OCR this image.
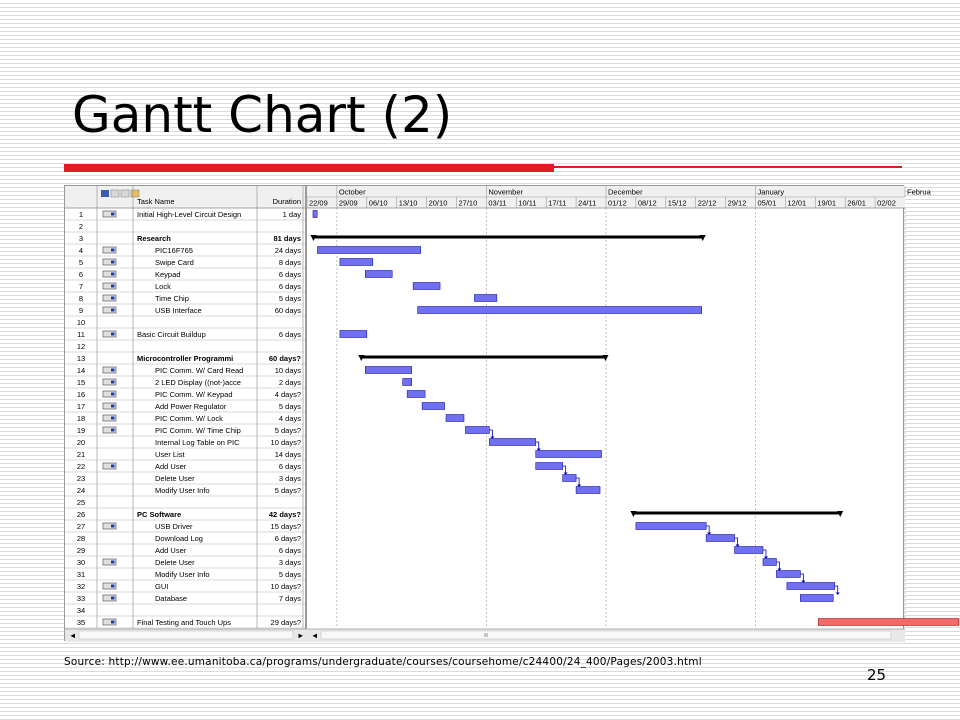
Gantt Chart (2)
Task Name	Duration
1	Initial High-Level Circuit Design	1 day
2
3	Research	81 days
4	PIC16F765	24 days
5	Swipe Card	8 days
6	Keypad	6 days
7	Lock	6 days
8	Time Chip	5 days
9	USB Interface	60 days
10
11	Basic Circuit Buildup	6 days
12
13	Microcontroller Programmi	60 days?
14	PIC Comm. W/ Card Read	10 days
15	2 LED Display ((not-)acce	2 days
16	PIC Comm. W/ Keypad	4 days?
17	Add Power Regulator	5 days
18	PIC Comm. W/ Lock	4 days
19	PIC Comm. W/ Time Chip	5 days?
20	Internal Log Table on PIC	10 days?
21	User List	14 days
22	Add User	6 days
23	Delete User	3 days
24	Modify User Info	5 days?
25
26	PC Software	42 days?
27	USB Driver	15 days?
28	Download Log	6 days?
29	Add User	6 days
30	Delete User	3 days
31	Modify User Info	5 days
32	GUI	10 days?
33	Database	7 days
34
35	Final Testing and Touch Ups	29 days?
October	November	December	January	Februa
22/09 29/09 06/10 13/10 20/10 27/10 03/11 10/11 17/11 24/11 01/12 08/12 15/12 22/12 29/12 05/01 12/01 19/01 26/01 02/02
◄	► ◄
Source: http://www.ee.umanitoba.ca/programs/undergraduate/courses/coursehome/c24400/24_400/Pages/2003.html
25
